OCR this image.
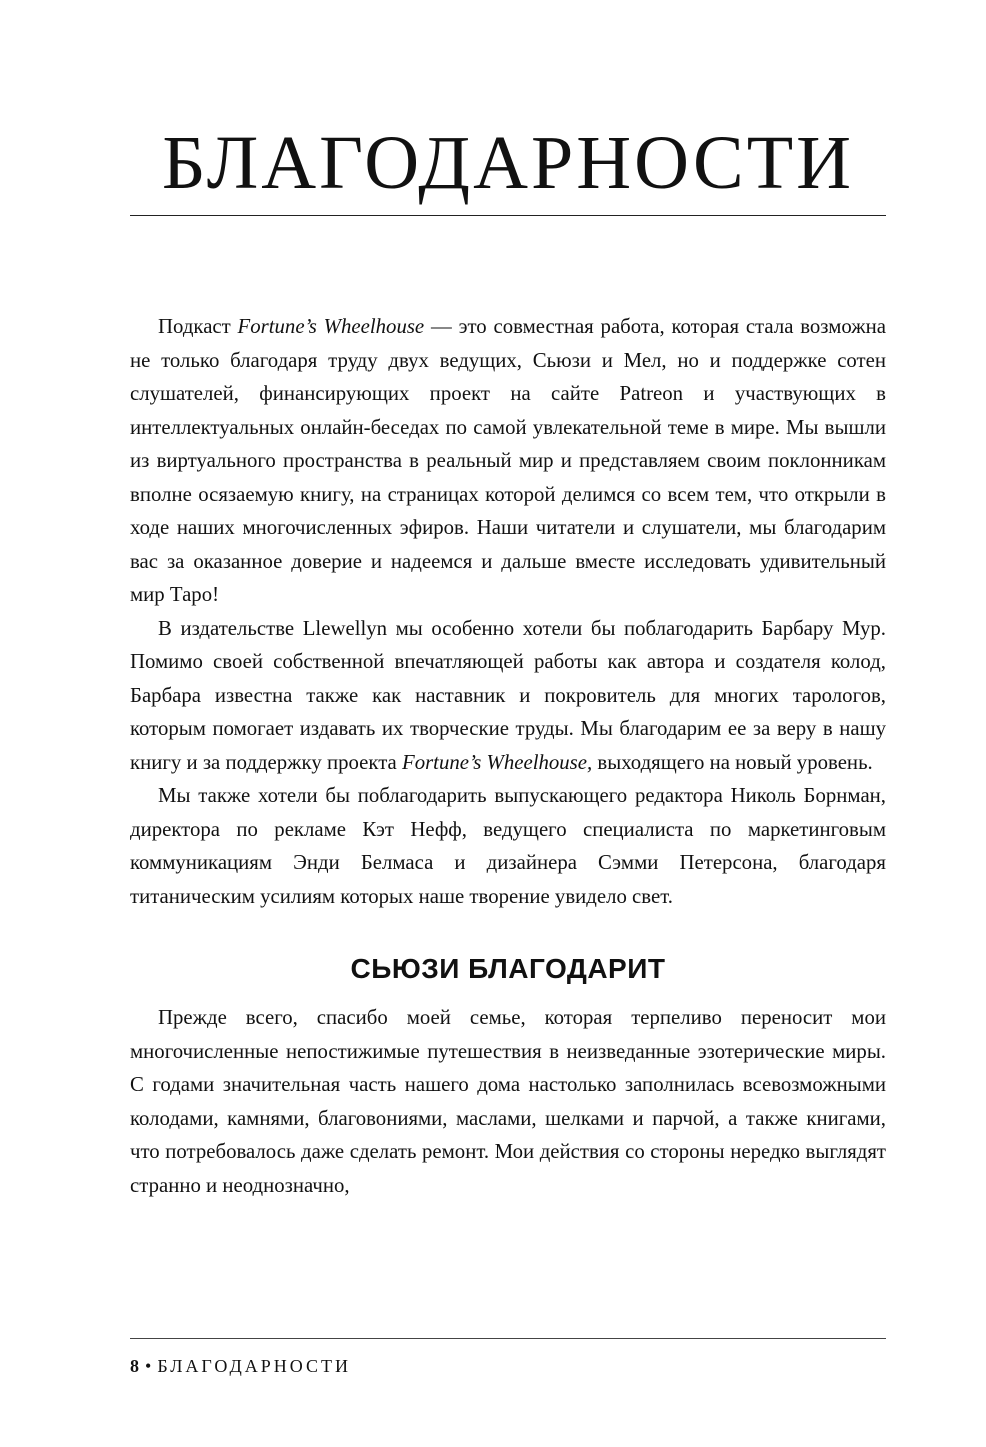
БЛАГОДАРНОСТИ

Подкаст Fortune’s Wheelhouse — это совместная работа, которая стала возможна не только благодаря труду двух ведущих, Сьюзи и Мел, но и поддержке сотен слушателей, финансирующих проект на сайте Patreon и участвующих в интеллектуальных онлайн-беседах по самой увлекательной теме в мире. Мы вышли из виртуального пространства в реальный мир и представляем своим поклонникам вполне осязаемую книгу, на страницах которой делимся со всем тем, что открыли в ходе наших многочисленных эфиров. Наши читатели и слушатели, мы благодарим вас за оказанное доверие и надеемся и дальше вместе исследовать удивительный мир Таро!

В издательстве Llewellyn мы особенно хотели бы поблагодарить Барбару Мур. Помимо своей собственной впечатляющей работы как автора и создателя колод, Барбара известна также как наставник и покровитель для многих тарологов, которым помогает издавать их творческие труды. Мы благодарим ее за веру в нашу книгу и за поддержку проекта Fortune’s Wheelhouse, выходящего на новый уровень.

Мы также хотели бы поблагодарить выпускающего редактора Николь Борнман, директора по рекламе Кэт Нефф, ведущего специалиста по маркетинговым коммуникациям Энди Белмаса и дизайнера Сэмми Петерсона, благодаря титаническим усилиям которых наше творение увидело свет.

СЬЮЗИ БЛАГОДАРИТ

Прежде всего, спасибо моей семье, которая терпеливо переносит мои многочисленные непостижимые путешествия в неизведанные эзотерические миры. С годами значительная часть нашего дома настолько заполнилась всевозможными колодами, камнями, благовониями, маслами, шелками и парчой, а также книгами, что потребовалось даже сделать ремонт. Мои действия со стороны нередко выглядят странно и неоднозначно,

8 • БЛАГОДАРНОСТИ
